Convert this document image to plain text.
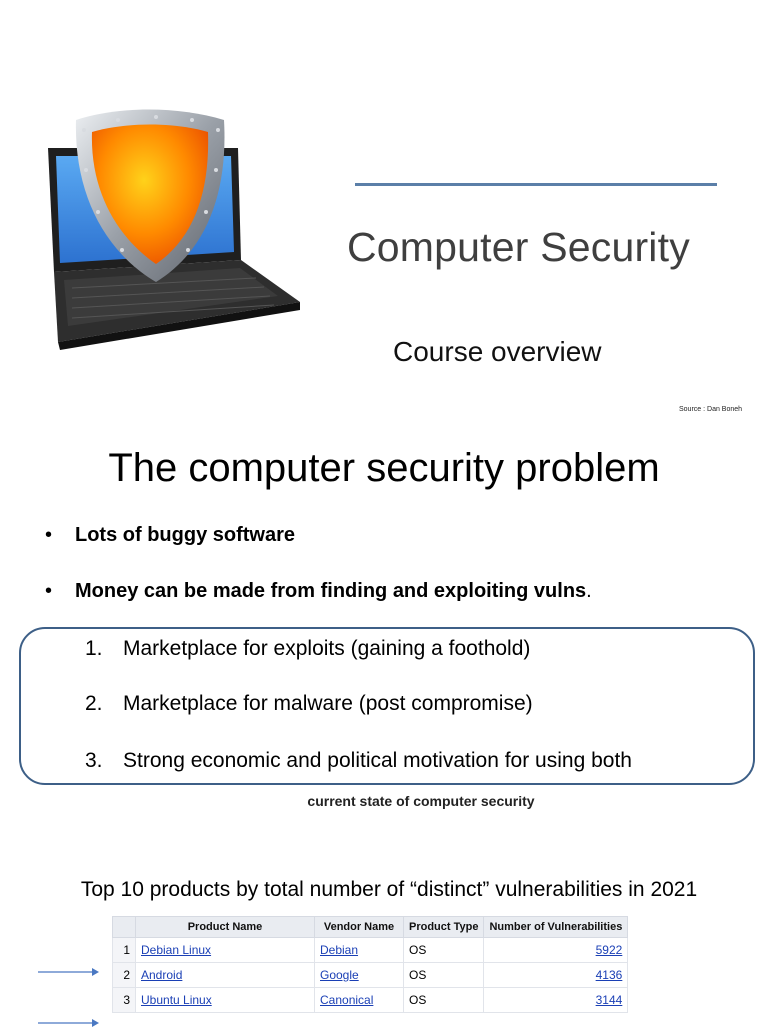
Computer Security
Course overview
Source : Dan Boneh
The computer security problem
• Lots of buggy software
• Money can be made from finding and exploiting vulns.
1. Marketplace for exploits (gaining a foothold)
2. Marketplace for malware (post compromise)
3. Strong economic and political motivation for using both
current state of computer security
Top 10 products by total number of “distinct” vulnerabilities in 2021
	Product Name	Vendor Name	Product Type	Number of Vulnerabilities
1	Debian Linux	Debian	OS	5922
2	Android	Google	OS	4136
3	Ubuntu Linux	Canonical	OS	3144
